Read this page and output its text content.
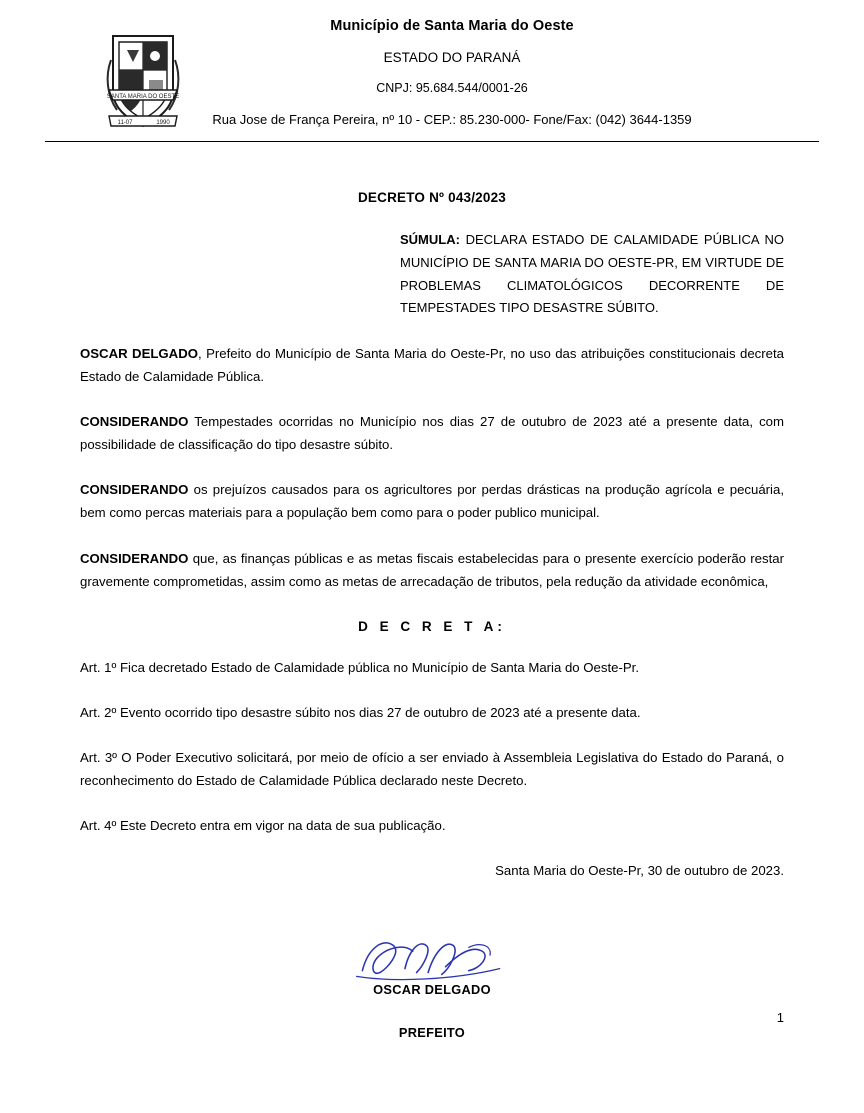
SANTA MARIA DO OESTE
11-07	1990
Município de Santa Maria do Oeste
ESTADO DO PARANÁ
CNPJ: 95.684.544/0001-26
Rua Jose de França Pereira, nº 10 - CEP.: 85.230-000- Fone/Fax: (042) 3644-1359
DECRETO Nº 043/2023
SÚMULA: DECLARA ESTADO DE CALAMIDADE PÚBLICA NO MUNICÍPIO DE SANTA MARIA DO OESTE-PR, EM VIRTUDE DE PROBLEMAS CLIMATOLÓGICOS DECORRENTE DE TEMPESTADES TIPO DESASTRE SÚBITO.

OSCAR DELGADO, Prefeito do Município de Santa Maria do Oeste-Pr, no uso das atribuições constitucionais decreta Estado de Calamidade Pública.

CONSIDERANDO Tempestades ocorridas no Município nos dias 27 de outubro de 2023 até a presente data, com possibilidade de classificação do tipo desastre súbito.

CONSIDERANDO os prejuízos causados para os agricultores por perdas drásticas na produção agrícola e pecuária, bem como percas materiais para a população bem como para o poder publico municipal.

CONSIDERANDO que, as finanças públicas e as metas fiscais estabelecidas para o presente exercício poderão restar gravemente comprometidas, assim como as metas de arrecadação de tributos, pela redução da atividade econômica,

D E C R E T A:

Art. 1º Fica decretado Estado de Calamidade pública no Município de Santa Maria do Oeste-Pr.

Art. 2º Evento ocorrido tipo desastre súbito nos dias 27 de outubro de 2023 até a presente data.

Art. 3º O Poder Executivo solicitará, por meio de ofício a ser enviado à Assembleia Legislativa do Estado do Paraná, o reconhecimento do Estado de Calamidade Pública declarado neste Decreto.

Art. 4º Este Decreto entra em vigor na data de sua publicação.

Santa Maria do Oeste-Pr, 30 de outubro de 2023.
OSCAR DELGADO
PREFEITO
1
